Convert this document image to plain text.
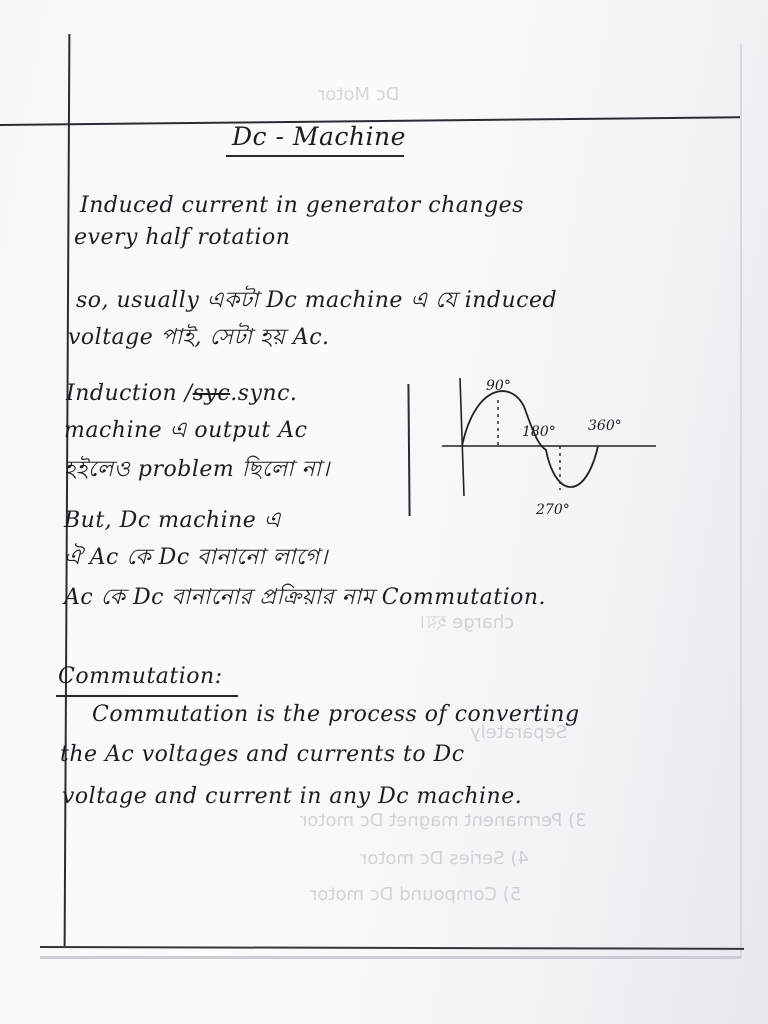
Dc Motor
charge হয়।
Separately
3) Permanent magnet Dc motor
4) Series Dc motor
5) Compound Dc motor
Dc - Machine
Induced current in generator changes
every half rotation
so, usually একটা Dc machine এ যে induced
voltage পাই, সেটা হয় Ac.
Induction /syc.sync.
machine এ output Ac
হইলেও problem ছিলো না।
But, Dc machine এ
ঐ Ac কে Dc বানানো লাগে।
Ac কে Dc বানানোর প্রক্রিয়ার নাম Commutation.
90°
180° 360°
270°
Commutation:
Commutation is the process of converting
the Ac voltages and currents to Dc
voltage and current in any Dc machine.
